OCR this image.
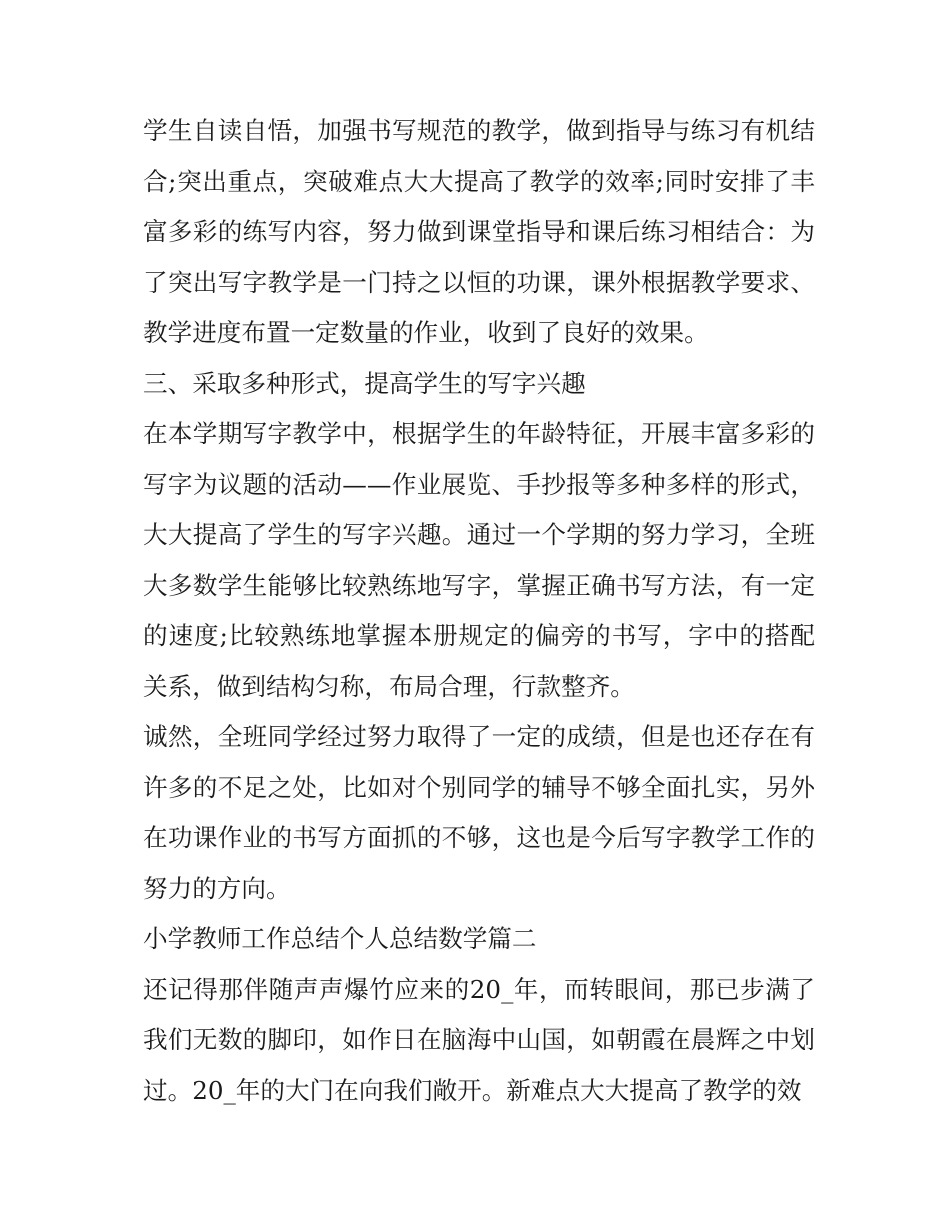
学生自读自悟，加强书写规范的教学，做到指导与练习有机结合;突出重点，突破难点大大提高了教学的效率;同时安排了丰富多彩的练写内容，努力做到课堂指导和课后练习相结合：为了突出写字教学是一门持之以恒的功课，课外根据教学要求、教学进度布置一定数量的作业，收到了良好的效果。

三、采取多种形式，提高学生的写字兴趣

在本学期写字教学中，根据学生的年龄特征，开展丰富多彩的写字为议题的活动——作业展览、手抄报等多种多样的形式，大大提高了学生的写字兴趣。通过一个学期的努力学习，全班大多数学生能够比较熟练地写字，掌握正确书写方法，有一定的速度;比较熟练地掌握本册规定的偏旁的书写，字中的搭配关系，做到结构匀称，布局合理，行款整齐。

诚然，全班同学经过努力取得了一定的成绩，但是也还存在有许多的不足之处，比如对个别同学的辅导不够全面扎实，另外在功课作业的书写方面抓的不够，这也是今后写字教学工作的努力的方向。

小学教师工作总结个人总结数学篇二

还记得那伴随声声爆竹应来的20_年，而转眼间，那已步满了我们无数的脚印，如作日在脑海中山国，如朝霞在晨辉之中划过。20_年的大门在向我们敞开。新难点大大提高了教学的效
